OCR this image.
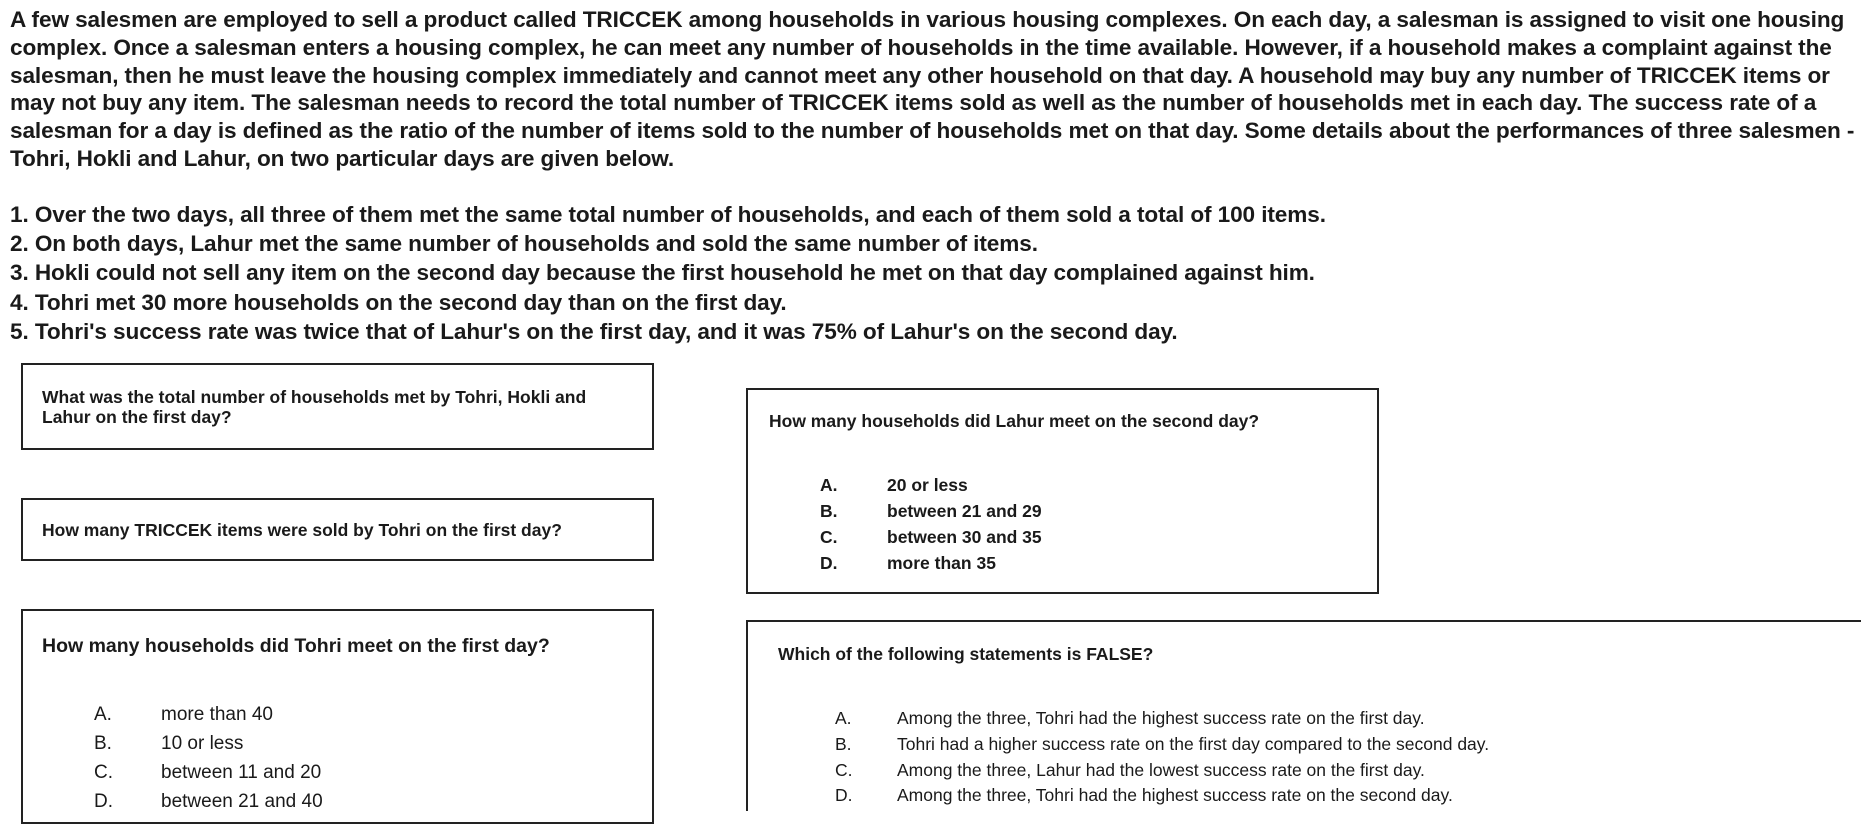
A few salesmen are employed to sell a product called TRICCEK among households in various housing complexes. On each day, a salesman is assigned to visit one housing complex. Once a salesman enters a housing complex, he can meet any number of households in the time available. However, if a household makes a complaint against the salesman, then he must leave the housing complex immediately and cannot meet any other household on that day. A household may buy any number of TRICCEK items or may not buy any item. The salesman needs to record the total number of TRICCEK items sold as well as the number of households met in each day. The success rate of a salesman for a day is defined as the ratio of the number of items sold to the number of households met on that day. Some details about the performances of three salesmen - Tohri, Hokli and Lahur, on two particular days are given below.

1. Over the two days, all three of them met the same total number of households, and each of them sold a total of 100 items.
2. On both days, Lahur met the same number of households and sold the same number of items.
3. Hokli could not sell any item on the second day because the first household he met on that day complained against him.
4. Tohri met 30 more households on the second day than on the first day.
5. Tohri's success rate was twice that of Lahur's on the first day, and it was 75% of Lahur's on the second day.

What was the total number of households met by Tohri, Hokli and Lahur on the first day?

How many TRICCEK items were sold by Tohri on the first day?

How many households did Tohri meet on the first day?

A.	more than 40
B.	10 or less
C.	between 11 and 20
D.	between 21 and 40

How many households did Lahur meet on the second day?

A.	20 or less
B.	between 21 and 29
C.	between 30 and 35
D.	more than 35

Which of the following statements is FALSE?

A.	Among the three, Tohri had the highest success rate on the first day.
B.	Tohri had a higher success rate on the first day compared to the second day.
C.	Among the three, Lahur had the lowest success rate on the first day.
D.	Among the three, Tohri had the highest success rate on the second day.
